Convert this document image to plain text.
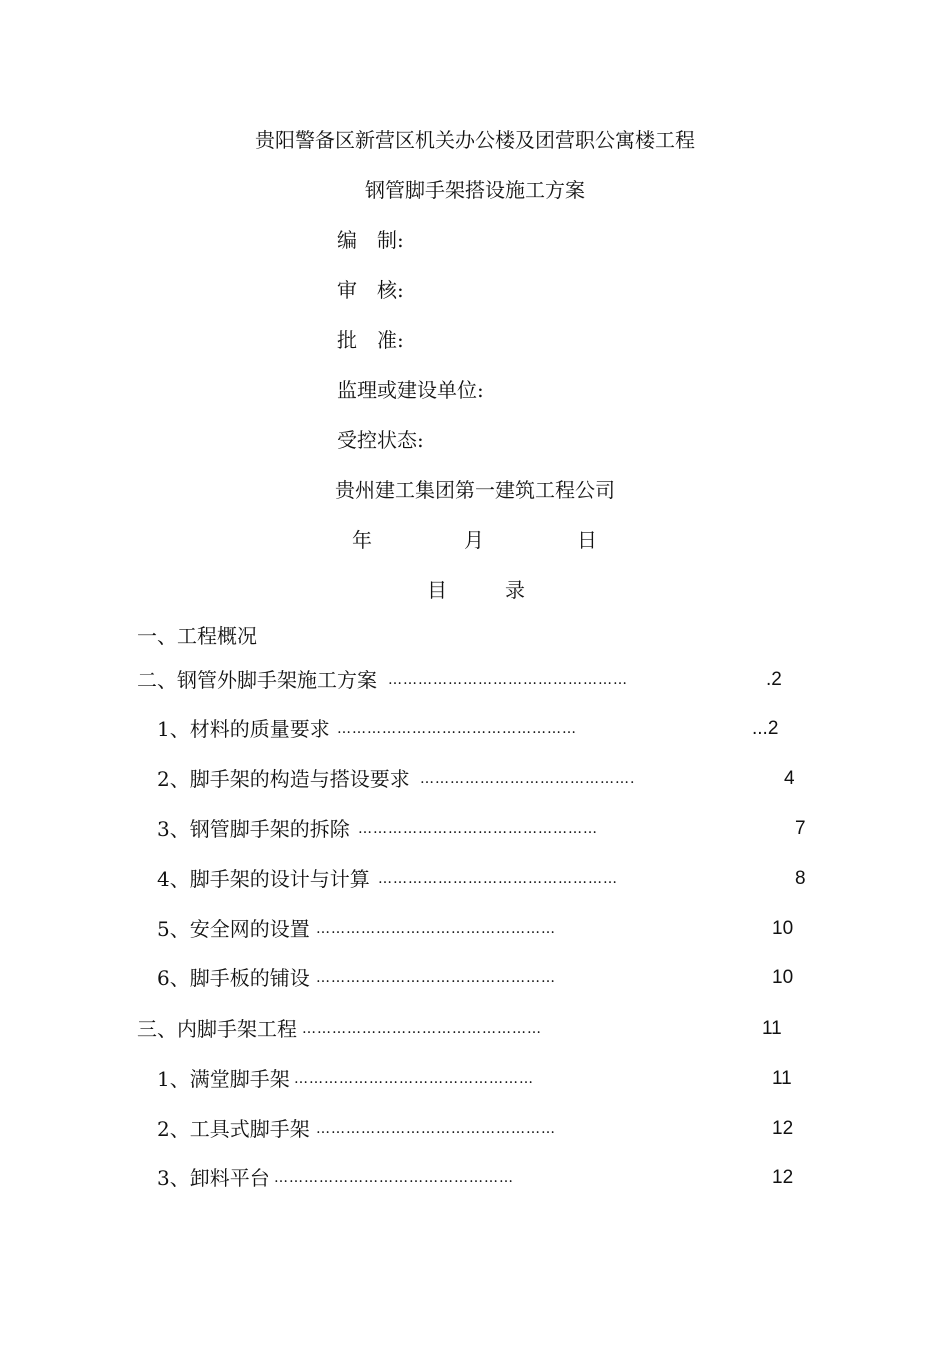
贵阳警备区新营区机关办公楼及团营职公寓楼工程
钢管脚手架搭设施工方案
编　制:
审　核:
批　准:
监理或建设单位:
受控状态:
贵州建工集团第一建筑工程公司
年	月	日
目	录
一、工程概况
二、钢管外脚手架施工方案 …………………………………………	.2
1、材料的质量要求 …………………………………………	...2
2、脚手架的构造与搭设要求 …………………………………….	4
3、钢管脚手架的拆除 …………………………………………	7
4、脚手架的设计与计算 …………………………………………	8
5、安全网的设置 …………………………………………	10
6、脚手板的铺设 …………………………………………	10
三、内脚手架工程 …………………………………………	11
1、满堂脚手架 …………………………………………	11
2、工具式脚手架 …………………………………………	12
3、卸料平台 …………………………………………	12
